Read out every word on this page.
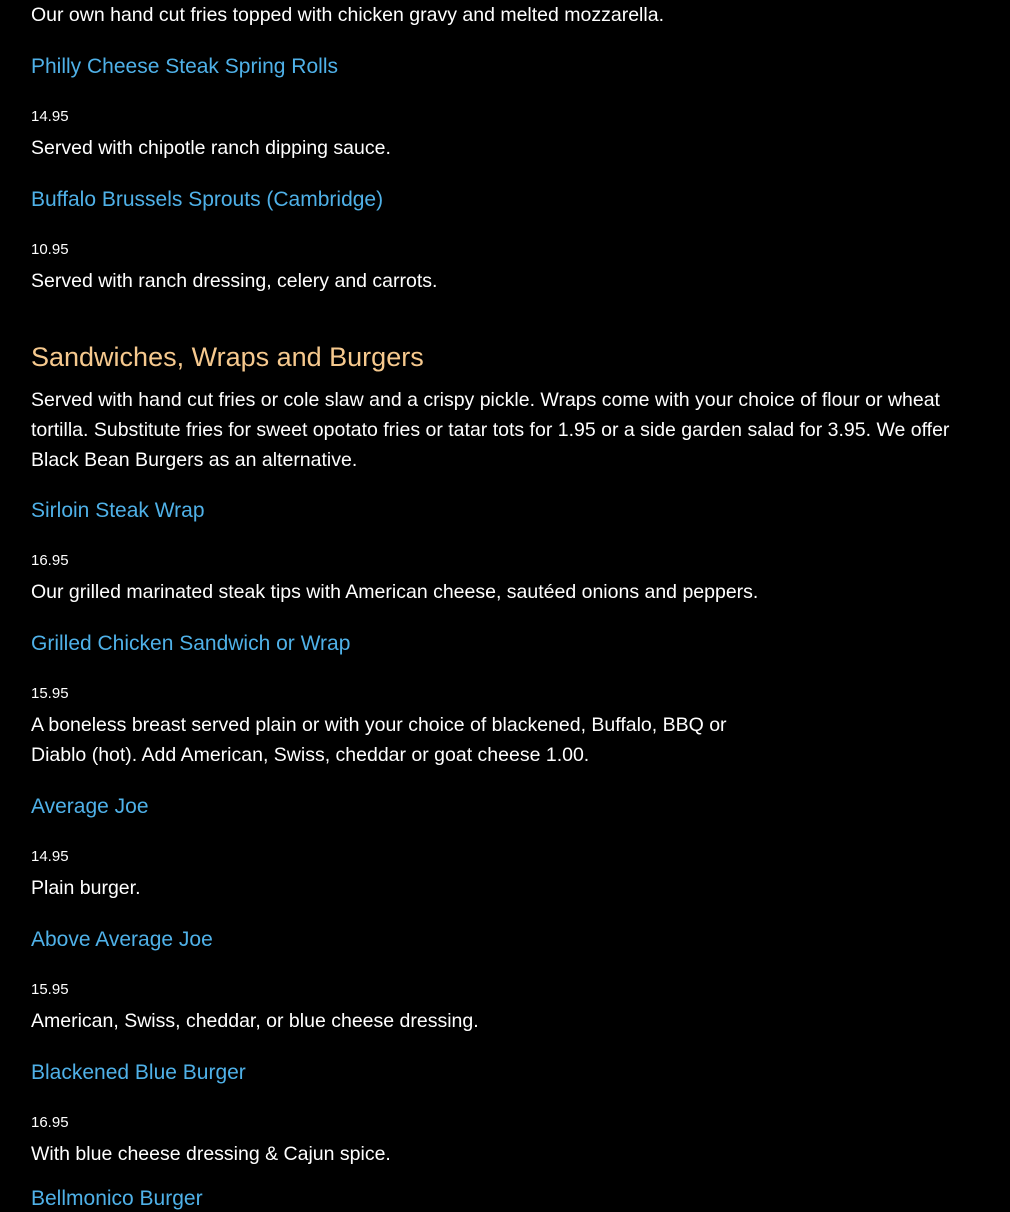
Our own hand cut fries topped with chicken gravy and melted mozzarella.

Philly Cheese Steak Spring Rolls

14.95

Served with chipotle ranch dipping sauce.

Buffalo Brussels Sprouts (Cambridge)

10.95

Served with ranch dressing, celery and carrots.

Sandwiches, Wraps and Burgers

Served with hand cut fries or cole slaw and a crispy pickle. Wraps come with your choice of flour or wheat tortilla. Substitute fries for sweet opotato fries or tatar tots for 1.95 or a side garden salad for 3.95. We offer Black Bean Burgers as an alternative.

Sirloin Steak Wrap

16.95

Our grilled marinated steak tips with American cheese, sautéed onions and peppers.

Grilled Chicken Sandwich or Wrap

15.95

A boneless breast served plain or with your choice of blackened, Buffalo, BBQ or Diablo (hot). Add American, Swiss, cheddar or goat cheese 1.00.

Average Joe

14.95

Plain burger.

Above Average Joe

15.95

American, Swiss, cheddar, or blue cheese dressing.

Blackened Blue Burger

16.95

With blue cheese dressing & Cajun spice.

Bellmonico Burger
